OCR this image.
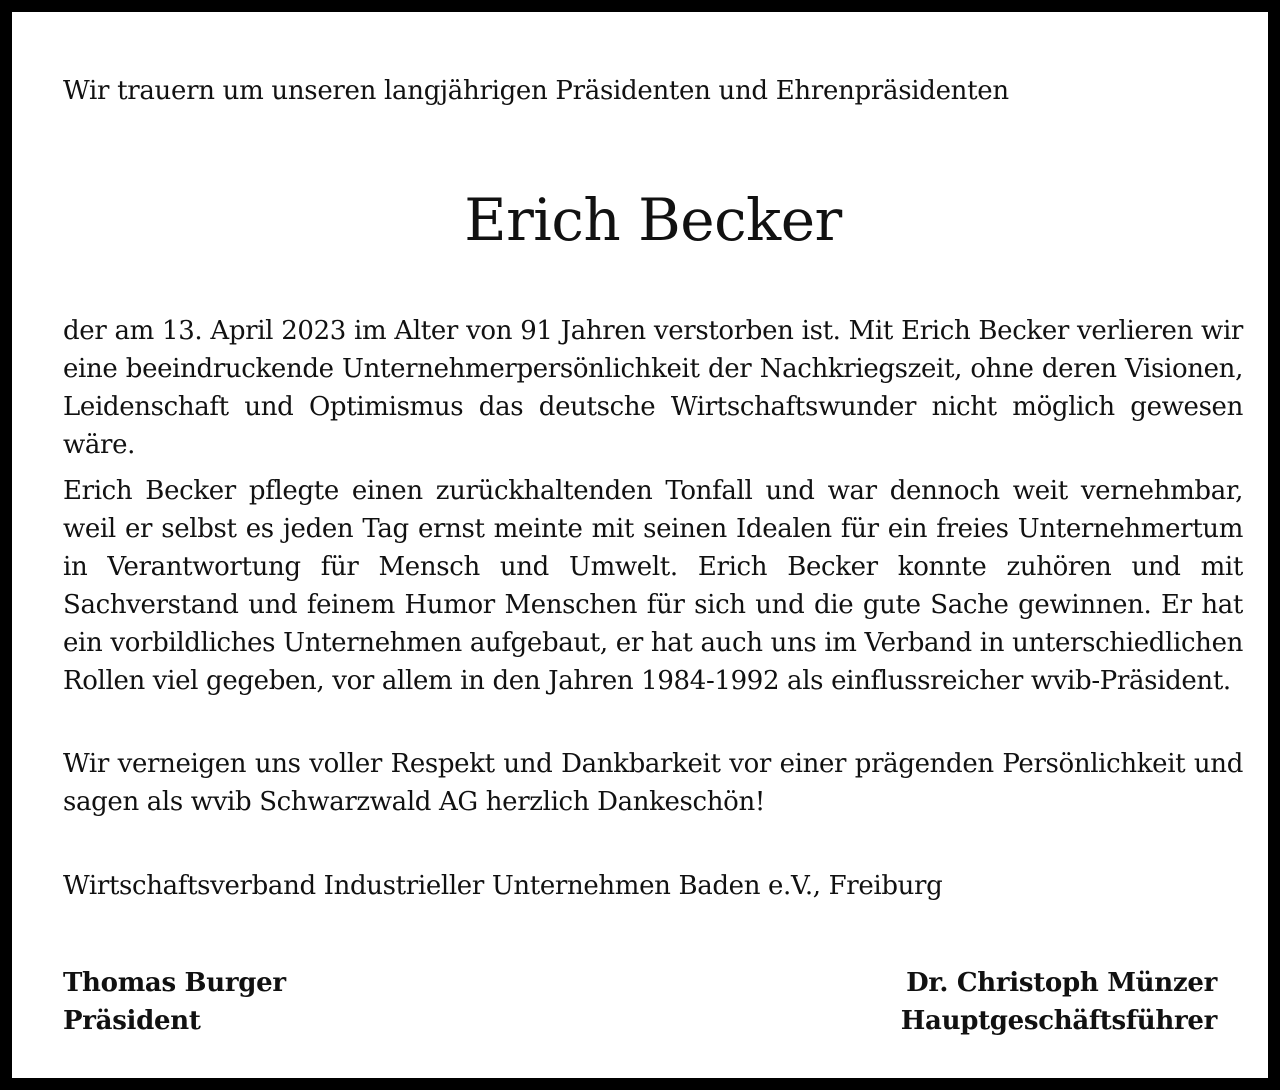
Wir trauern um unseren langjährigen Präsidenten und Ehrenpräsidenten

Erich Becker

der am 13. April 2023 im Alter von 91 Jahren verstorben ist. Mit Erich Becker verlieren wir eine beeindruckende Unternehmerpersönlichkeit der Nachkriegszeit, ohne deren Visionen, Leidenschaft und Optimismus das deutsche Wirtschaftswunder nicht möglich gewesen wäre.

Erich Becker pflegte einen zurückhaltenden Tonfall und war dennoch weit vernehmbar, weil er selbst es jeden Tag ernst meinte mit seinen Idealen für ein freies Unternehmertum in Verantwortung für Mensch und Umwelt. Erich Becker konnte zuhören und mit Sachverstand und feinem Humor Menschen für sich und die gute Sache gewinnen. Er hat ein vorbildliches Unternehmen aufgebaut, er hat auch uns im Verband in unterschiedlichen Rollen viel gegeben, vor allem in den Jahren 1984-1992 als einflussreicher wvib-Präsident.

Wir verneigen uns voller Respekt und Dankbarkeit vor einer prägenden Persönlichkeit und sagen als wvib Schwarzwald AG herzlich Dankeschön!

Wirtschaftsverband Industrieller Unternehmen Baden e.V., Freiburg

Thomas Burger
Präsident
Dr. Christoph Münzer
Hauptgeschäftsführer
